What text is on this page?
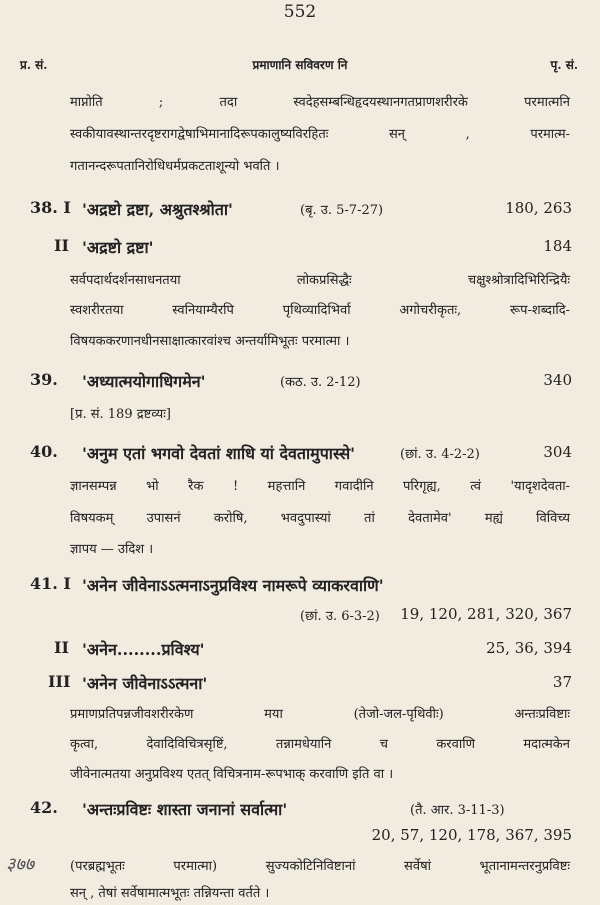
552
प्र. सं.	प्रमाणानि सविवरण नि	पृ. सं.
माप्नोति ; तदा स्वदेहसम्बन्धिहृदयस्थानगतप्राणशरीरके परमात्मनि
स्वकीयावस्थान्तरदृष्टरागद्वेषाभिमानादिरूपकालुष्यविरहितः सन् , परमात्म-
गतानन्दरूपतानिरोधिधर्मप्रकटताशून्यो भवति ।
38. I 'अद्रष्टो द्रष्टा, अश्रुतश्श्रोता'	(बृ. उ. 5-7-27)	180, 263
II 'अद्रष्टो द्रष्टा'	184
सर्वपदार्थदर्शनसाधनतया लोकप्रसिद्धैः चक्षुश्श्रोत्रादिभिरिन्द्रियैः
स्वशरीरतया स्वनियाम्यैरपि पृथिव्यादिभिर्वा अगोचरीकृतः, रूप-शब्दादि-
विषयककरणानधीनसाक्षात्कारवांश्च अन्तर्यामिभूतः परमात्मा ।
39. 'अध्यात्मयोगाधिगमेन'	(कठ. उ. 2-12)	340
[प्र. सं. 189 द्रष्टव्यः]
40. 'अनुम एतां भगवो देवतां शाधि यां देवतामुपास्से'	(छां. उ. 4-2-2)	304
ज्ञानसम्पन्न भो रैक ! महत्तानि गवादीनि परिगृह्य, त्वं 'यादृशदेवता-
विषयकम् उपासनं करोषि, भवदुपास्यां तां देवतामेव' मह्यं विविच्य
ज्ञापय — उदिश ।
41. I 'अनेन जीवेनाऽऽत्मनाऽनुप्रविश्य नामरूपे व्याकरवाणि'
(छां. उ. 6-3-2) 19, 120, 281, 320, 367
II 'अनेन........प्रविश्य'	25, 36, 394
III 'अनेन जीवेनाऽऽत्मना'	37
प्रमाणप्रतिपन्नजीवशरीरकेण मया (तेजो-जल-पृथिवीः) अन्तःप्रविष्टाः
कृत्वा, देवादिविचित्रसृष्टिं, तन्नामधेयानि च करवाणि मदात्मकेन
जीवेनात्मतया अनुप्रविश्य एतत् विचित्रनाम-रूपभाक् करवाणि इति वा ।
42. 'अन्तःप्रविष्टः शास्ता जनानां सर्वात्मा'	(तै. आर. 3-11-3)
20, 57, 120, 178, 367, 395
३७७	(परब्रह्मभूतः परमात्मा) सुज्यकोटिनिविष्टानां सर्वेषां भूतानामन्तरनुप्रविष्टः
सन् , तेषां सर्वेषामात्मभूतः तन्नियन्ता वर्तते ।
